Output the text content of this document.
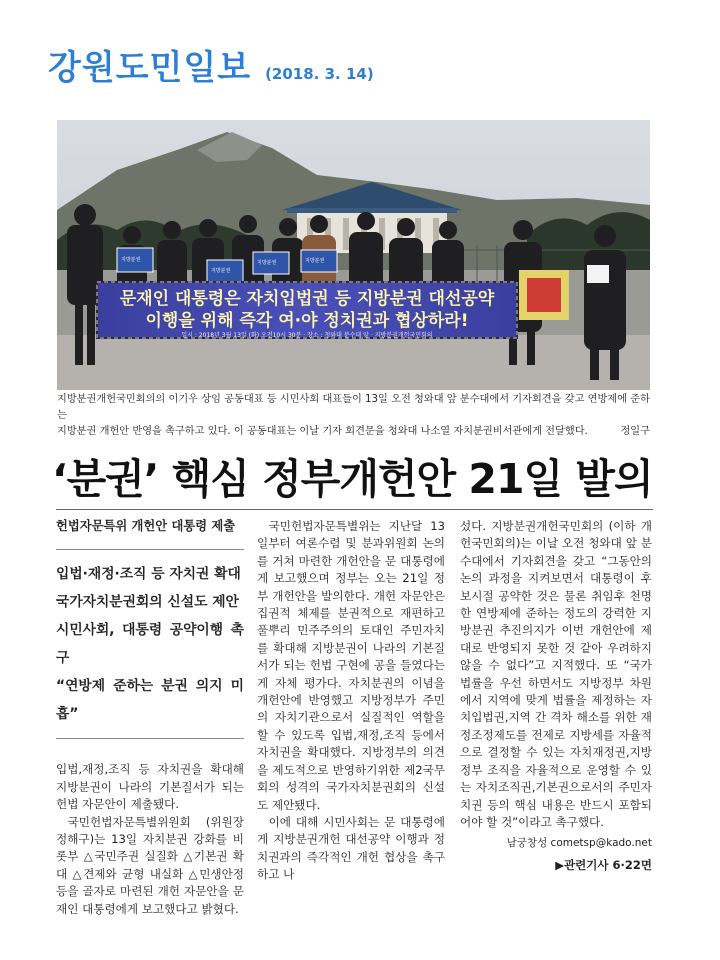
강원도민일보 (2018. 3. 14)
지방분권
지방분권
지방분권	지방분권
문재인 대통령은 자치입법권 등 지방분권 대선공약
이행을 위해 즉각 여·야 정치권과 협상하라!
일시 : 2018년 3월 13일 (화) 오전10시 30분 · 장소 : 청와대 분수대 앞 · 지방분권개헌국민회의
지방분권개헌국민회의의 이기우 상임 공동대표 등 시민사회 대표들이 13일 오전 청와대 앞 분수대에서 기자회견을 갖고 연방제에 준하는
지방분권 개헌안 반영을 촉구하고 있다. 이 공동대표는 이날 기자 회견문을 청와대 나소열 자치분권비서관에게 전달했다.	정일구
‘분권’ 핵심 정부개헌안 21일 발의
헌법자문특위 개헌안 대통령 제출
입법·재정·조직 등 자치권 확대
국가자치분권회의 신설도 제안
시민사회, 대통령 공약이행 촉구
“연방제 준하는 분권 의지 미흡”

입법,재정,조직 등 자치권을 확대해 지방분권이 나라의 기본질서가 되는 헌법 자문안이 제출됐다.

국민헌법자문특별위원회 (위원장 정해구)는 13일 자치분권 강화를 비롯부 △국민주권 실질화 △기본권 확대 △견제와 균형 내실화 △민생안정 등을 골자로 마련된 개헌 자문안을 문재인 대통령에게 보고했다고 밝혔다.

국민헌법자문특별위는 지난달 13일부터 여론수렴 및 분과위원회 논의를 거쳐 마련한 개헌안을 문 대통령에게 보고했으며 정부는 오는 21일 정부 개헌안을 발의한다. 개헌 자문안은 집권적 체제를 분권적으로 재편하고 풀뿌리 민주주의의 토대인 주민자치를 확대해 지방분권이 나라의 기본질서가 되는 헌법 구현에 공을 들였다는게 자체 평가다. 자치분권의 이념을 개헌안에 반영했고 지방정부가 주민의 자치기관으로서 실질적인 역할을 할 수 있도록 입법,재정,조직 등에서 자치권을 확대했다. 지방정부의 의견을 제도적으로 반영하기위한 제2국무회의 성격의 국가자치분권회의 신설도 제안됐다.

이에 대해 시민사회는 문 대통령에게 지방분권개헌 대선공약 이행과 정치권과의 즉각적인 개헌 협상을 촉구하고 나

섰다. 지방분권개헌국민회의 (이하 개헌국민회의)는 이날 오전 청와대 앞 분수대에서 기자회견을 갖고 “그동안의 논의 과정을 지켜보면서 대통령이 후보시절 공약한 것은 물론 취임후 천명한 연방제에 준하는 정도의 강력한 지방분권 추진의지가 이번 개헌안에 제대로 반영되지 못한 것 같아 우려하지 않을 수 없다”고 지적했다. 또 “국가 법률을 우선 하면서도 지방정부 차원에서 지역에 맞게 법률을 제정하는 자치입법권,지역 간 격차 해소를 위한 재정조정제도를 전제로 지방세를 자율적으로 결정할 수 있는 자치재정권,지방정부 조직을 자율적으로 운영할 수 있는 자치조직권,기본권으로서의 주민자치권 등의 핵심 내용은 반드시 포함되어야 할 것”이라고 촉구했다.

남궁창성 cometsp@kado.net
▶관련기사 6·22면
